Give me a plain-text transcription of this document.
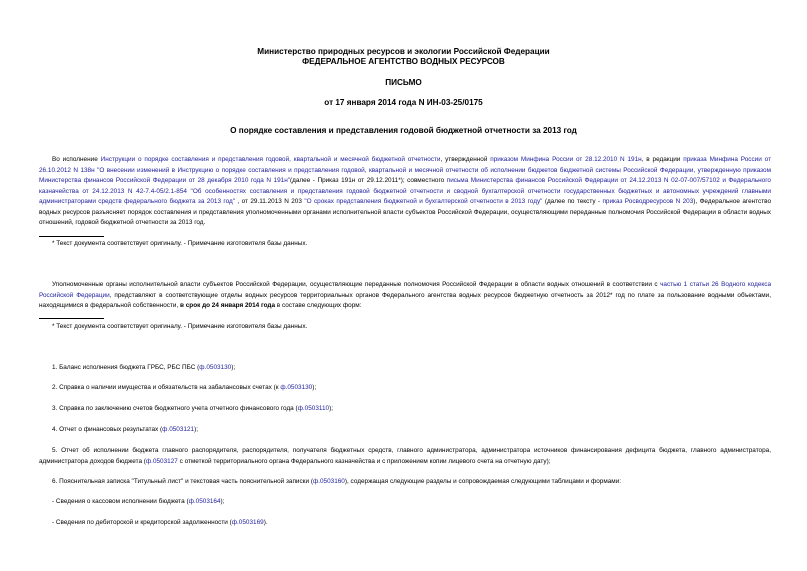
Министерство природных ресурсов и экологии Российской Федерации
ФЕДЕРАЛЬНОЕ АГЕНТСТВО ВОДНЫХ РЕСУРСОВ
ПИСЬМО
от 17 января 2014 года N ИН-03-25/0175
О порядке составления и представления годовой бюджетной отчетности за 2013 год
Во исполнение Инструкции о порядке составления и представления годовой, квартальной и месячной бюджетной отчетности, утвержденной приказом Минфина России от 28.12.2010 N 191н, в редакции приказа Минфина России от 26.10.2012 N 138н "О внесении изменений в Инструкцию о порядке составления и представления годовой, квартальной и месячной отчетности об исполнении бюджетов бюджетной системы Российской Федерации, утвержденную приказом Министерства финансов Российской Федерации от 28 декабря 2010 года N 191н"(далее - Приказ 191н от 29.12.2011*); совместного письма Министерства финансов Российской Федерации от 24.12.2013 N 02-07-007/57102 и Федерального казначейства от 24.12.2013 N 42-7.4-05/2.1-854 "Об особенностях составления и представления годовой бюджетной отчетности и сводной бухгалтерской отчетности государственных бюджетных и автономных учреждений главными администраторами средств федерального бюджета за 2013 год" , от 29.11.2013 N 203 "О сроках представления бюджетной и бухгалтерской отчетности в 2013 году" (далее по тексту - приказ Росводресурсов N 203), Федеральное агентство водных ресурсов разъясняет порядок составления и представления уполномоченными органами исполнительной власти субъектов Российской Федерации, осуществляющими переданные полномочия Российской Федерации в области водных отношений, годовой бюджетной отчетности за 2013 год.
* Текст документа соответствует оригиналу. - Примечание изготовителя базы данных.
Уполномоченные органы исполнительной власти субъектов Российской Федерации, осуществляющие переданные полномочия Российской Федерации в области водных отношений в соответствии с частью 1 статьи 26 Водного кодекса Российской Федерации, представляют в соответствующие отделы водных ресурсов территориальных органов Федерального агентства водных ресурсов бюджетную отчетность за 2012* год по плате за пользование водными объектами, находящимися в федеральной собственности, в срок до 24 января 2014 года в составе следующих форм:
* Текст документа соответствует оригиналу. - Примечание изготовителя базы данных.
1. Баланс исполнения бюджета ГРБС, РБС ПБС (ф.0503130);
2. Справка о наличии имущества и обязательств на забалансовых счетах (к ф.0503130);
3. Справка по заключению счетов бюджетного учета отчетного финансового года (ф.0503110);
4. Отчет о финансовых результатах (ф.0503121);
5. Отчет об исполнении бюджета главного распорядителя, распорядителя, получателя бюджетных средств, главного администратора, администратора источников финансирования дефицита бюджета, главного администратора, администратора доходов бюджета (ф.0503127 с отметкой территориального органа Федерального казначейства и с приложением копии лицевого счета на отчетную дату);
6. Пояснительная записка "Титульный лист" и текстовая часть пояснительной записки (ф.0503160), содержащая следующие разделы и сопровождаемая следующими таблицами и формами:
- Сведения о кассовом исполнении бюджета (ф.0503164);
- Сведения по дебиторской и кредиторской задолженности (ф.0503169).
